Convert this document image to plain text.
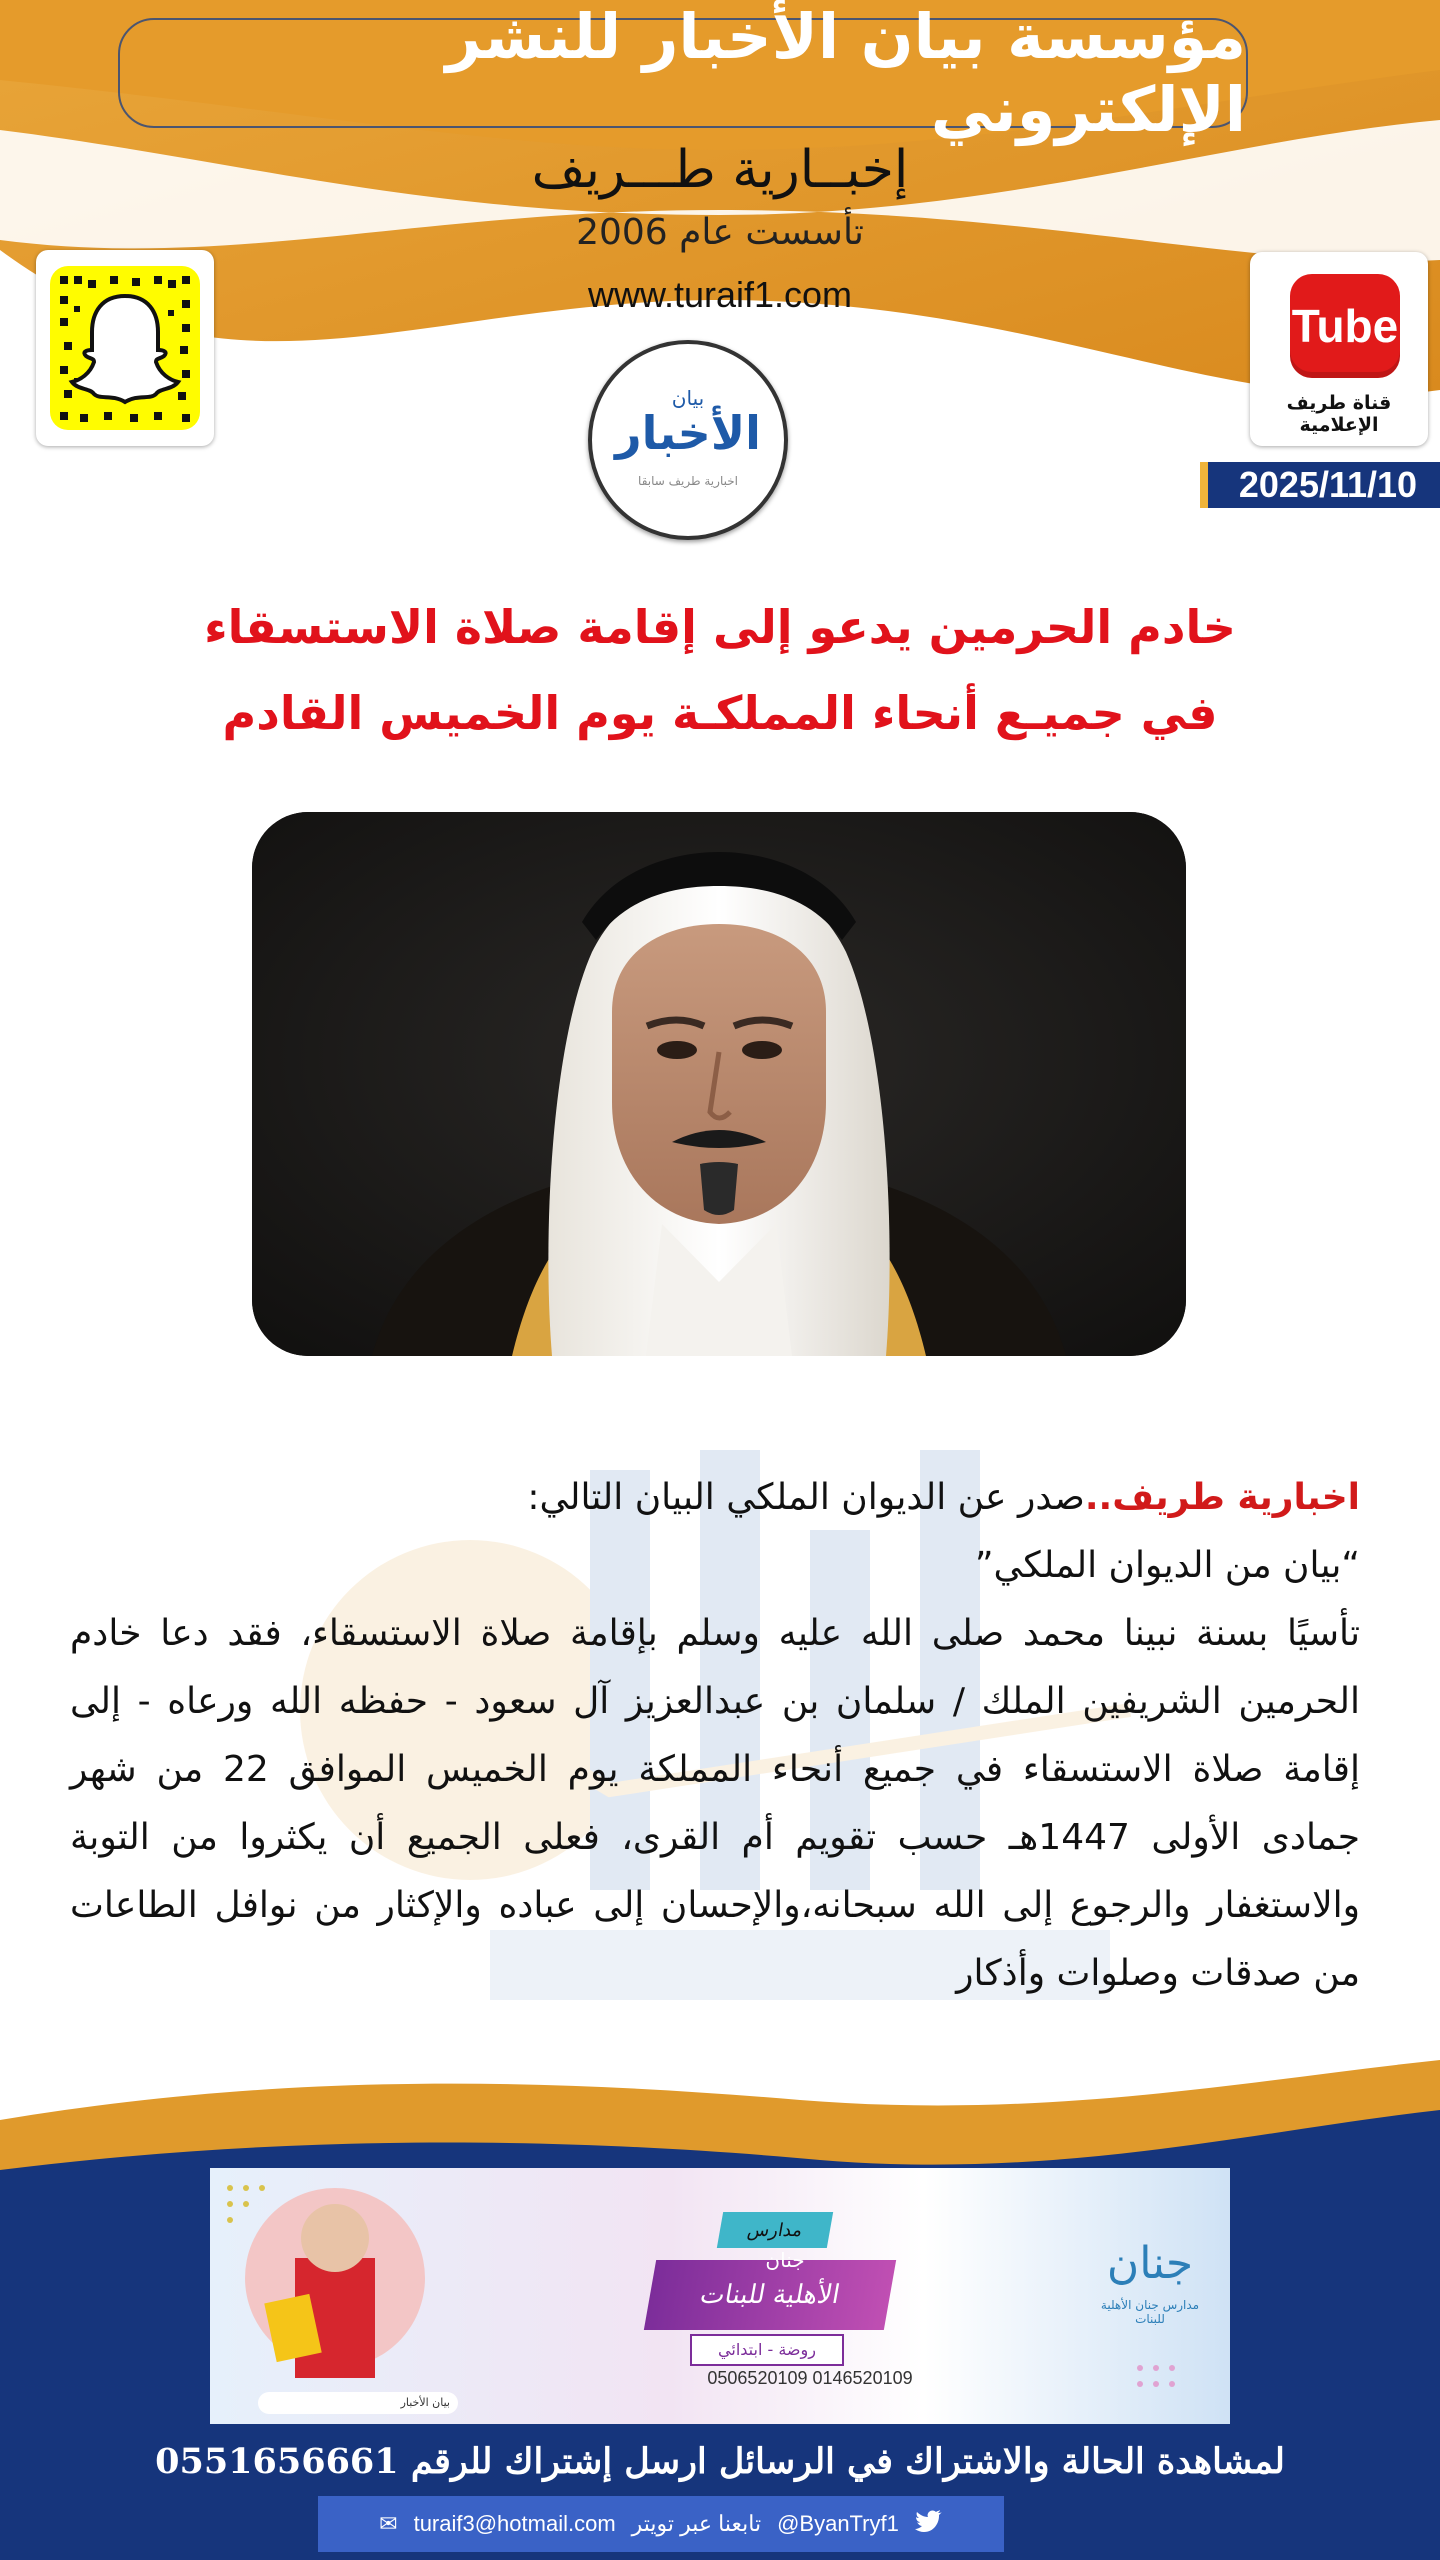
مؤسسة بيان الأخبار للنشر الإلكتروني
إخبــارية طـــريف
تأسست عام 2006
www.turaif1.com
Tube
قناة طريف الإعلامية
بيان
الأخبار
اخبارية طريف سابقا	2025/11/10
خادم الحرمين يدعو إلى إقامة صلاة الاستسقاء
في جميـع أنحاء المملكـة يوم الخميس القادم

اخبارية طريف..صدر عن الديوان الملكي البيان التالي:

“بيان من الديوان الملكي”

تأسيًا بسنة نبينا محمد صلى الله عليه وسلم بإقامة صلاة الاستسقاء، فقد دعا خادم الحرمين الشريفين الملك / سلمان بن عبدالعزيز آل سعود - حفظه الله ورعاه - إلى إقامة صلاة الاستسقاء في جميع أنحاء المملكة يوم الخميس الموافق 22 من شهر جمادى الأولى 1447هـ حسب تقويم أم القرى، فعلى الجميع أن يكثروا من التوبة والاستغفار والرجوع إلى الله سبحانه،والإحسان إلى عباده والإكثار من نوافل الطاعات من صدقات وصلوات وأذكار

الأهلية للبنات
مدارس
جنان
روضة - ابتدائي
0506520109 0146520109
جنان
مدارس جنان الأهلية للبنات
بيان الأخبار
لمشاهدة الحالة والاشتراك في الرسائل ارسل إشتراك للرقم 0551656661
✉ turaif3@hotmail.com تابعنا عبر تويتر @ByanTryf1
